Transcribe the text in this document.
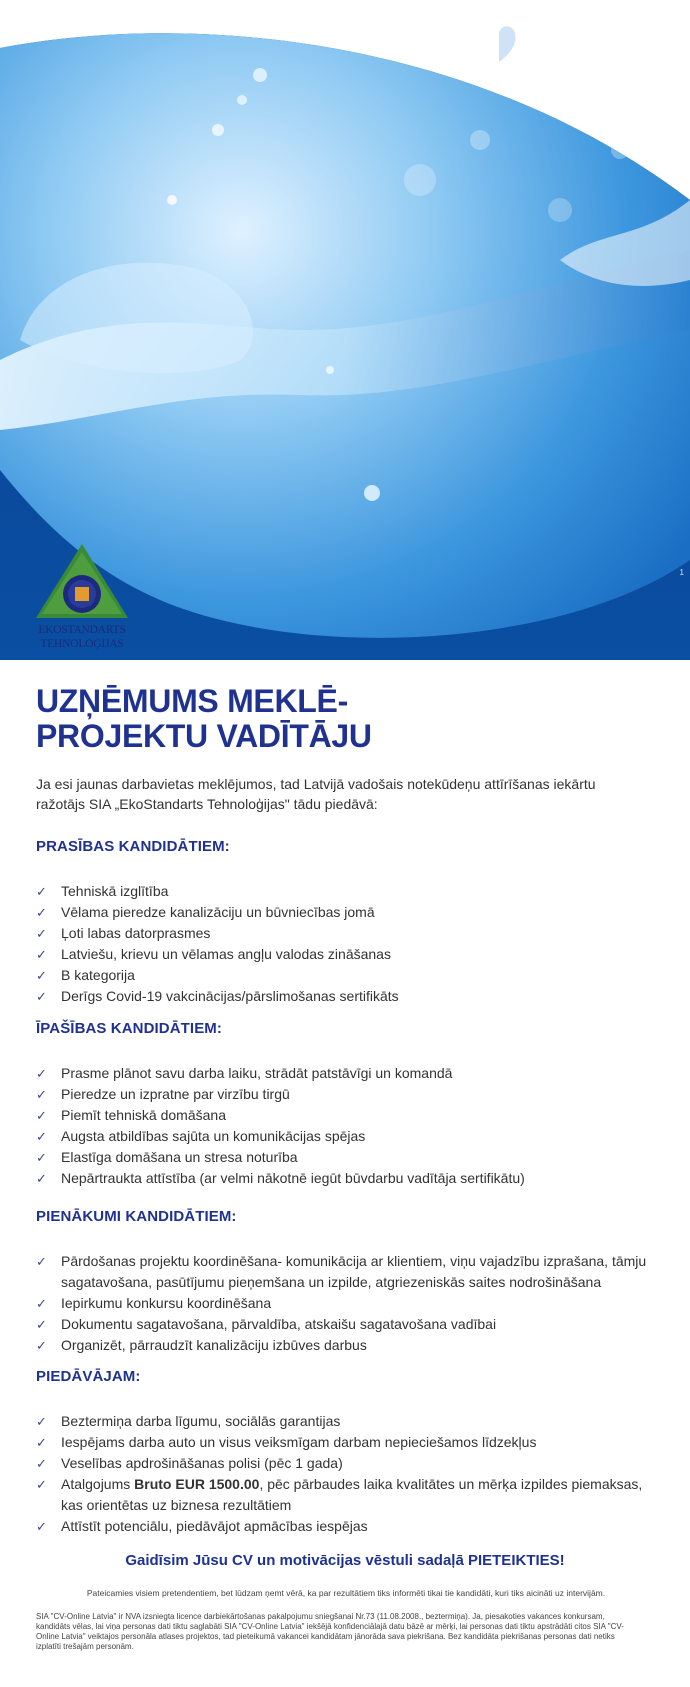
CV-Online
Recruitment
1
EKOSTANDARTS
TEHNOLOĢIJAS
UZŅĒMUMS MEKLĒ-
PROJEKTU VADĪTĀJU
Ja esi jaunas darbavietas meklējumos, tad Latvijā vadošais notekūdeņu attīrīšanas iekārtu ražotājs SIA „EkoStandarts Tehnoloģijas" tādu piedāvā:
PRASĪBAS KANDIDĀTIEM:
✓ Tehniskā izglītība
✓ Vēlama pieredze kanalizāciju un būvniecības jomā
✓ Ļoti labas datorprasmes
✓ Latviešu, krievu un vēlamas angļu valodas zināšanas
✓ B kategorija
✓ Derīgs Covid-19 vakcinācijas/pārslimošanas sertifikāts
ĪPAŠĪBAS KANDIDĀTIEM:
✓ Prasme plānot savu darba laiku, strādāt patstāvīgi un komandā
✓ Pieredze un izpratne par virzību tirgū
✓ Piemīt tehniskā domāšana
✓ Augsta atbildības sajūta un komunikācijas spējas
✓ Elastīga domāšana un stresa noturība
✓ Nepārtraukta attīstība (ar velmi nākotnē iegūt būvdarbu vadītāja sertifikātu)
PIENĀKUMI KANDIDĀTIEM:
✓ Pārdošanas projektu koordinēšana- komunikācija ar klientiem, viņu vajadzību izprašana, tāmju sagatavošana, pasūtījumu pieņemšana un izpilde, atgriezeniskās saites nodrošināšana
✓ Iepirkumu konkursu koordinēšana
✓ Dokumentu sagatavošana, pārvaldība, atskaišu sagatavošana vadībai
✓ Organizēt, pārraudzīt kanalizāciju izbūves darbus
PIEDĀVĀJAM:
✓ Beztermiņa darba līgumu, sociālās garantijas
✓ Iespējams darba auto un visus veiksmīgam darbam nepieciešamos līdzekļus
✓ Veselības apdrošināšanas polisi (pēc 1 gada)
✓ Atalgojums Bruto EUR 1500.00, pēc pārbaudes laika kvalitātes un mērķa izpildes piemaksas, kas orientētas uz biznesa rezultātiem
✓ Attīstīt potenciālu, piedāvājot apmācības iespējas
Gaidīsim Jūsu CV un motivācijas vēstuli sadaļā PIETEIKTIES!
Pateicamies visiem pretendentiem, bet lūdzam ņemt vērā, ka par rezultātiem tiks informēti tikai tie kandidāti, kuri tiks aicināti uz intervijām.
SIA "CV-Online Latvia" ir NVA izsniegta licence darbiekārtošanas pakalpojumu sniegšanai Nr.73 (11.08.2008., beztermiņa). Ja, piesakoties vakances konkursam, kandidāts vēlas, lai viņa personas dati tiktu saglabāti SIA "CV-Online Latvia" iekšējā konfidenciālajā datu bāzē ar mērķi, lai personas dati tiktu apstrādāti citos SIA "CV-Online Latvia" veiktajos personāla atlases projektos, tad pieteikumā vakancei kandidātam jānorāda sava piekrišana. Bez kandidāta piekrišanas personas dati netiks izplatīti trešajām personām.
